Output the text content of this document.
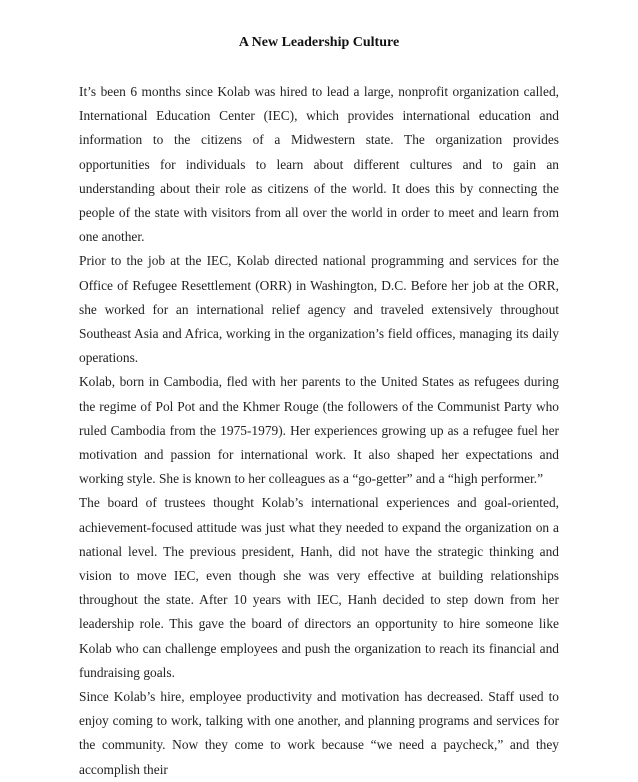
A New Leadership Culture

It’s been 6 months since Kolab was hired to lead a large, nonprofit organization called, International Education Center (IEC), which provides international education and information to the citizens of a Midwestern state. The organization provides opportunities for individuals to learn about different cultures and to gain an understanding about their role as citizens of the world. It does this by connecting the people of the state with visitors from all over the world in order to meet and learn from one another.

Prior to the job at the IEC, Kolab directed national programming and services for the Office of Refugee Resettlement (ORR) in Washington, D.C. Before her job at the ORR, she worked for an international relief agency and traveled extensively throughout Southeast Asia and Africa, working in the organization’s field offices, managing its daily operations.

Kolab, born in Cambodia, fled with her parents to the United States as refugees during the regime of Pol Pot and the Khmer Rouge (the followers of the Communist Party who ruled Cambodia from the 1975-1979). Her experiences growing up as a refugee fuel her motivation and passion for international work. It also shaped her expectations and working style. She is known to her colleagues as a “go-getter” and a “high performer.”

The board of trustees thought Kolab’s international experiences and goal-oriented, achievement-focused attitude was just what they needed to expand the organization on a national level. The previous president, Hanh, did not have the strategic thinking and vision to move IEC, even though she was very effective at building relationships throughout the state. After 10 years with IEC, Hanh decided to step down from her leadership role. This gave the board of directors an opportunity to hire someone like Kolab who can challenge employees and push the organization to reach its financial and fundraising goals.

Since Kolab’s hire, employee productivity and motivation has decreased. Staff used to enjoy coming to work, talking with one another, and planning programs and services for the community. Now they come to work because “we need a paycheck,” and they accomplish their
